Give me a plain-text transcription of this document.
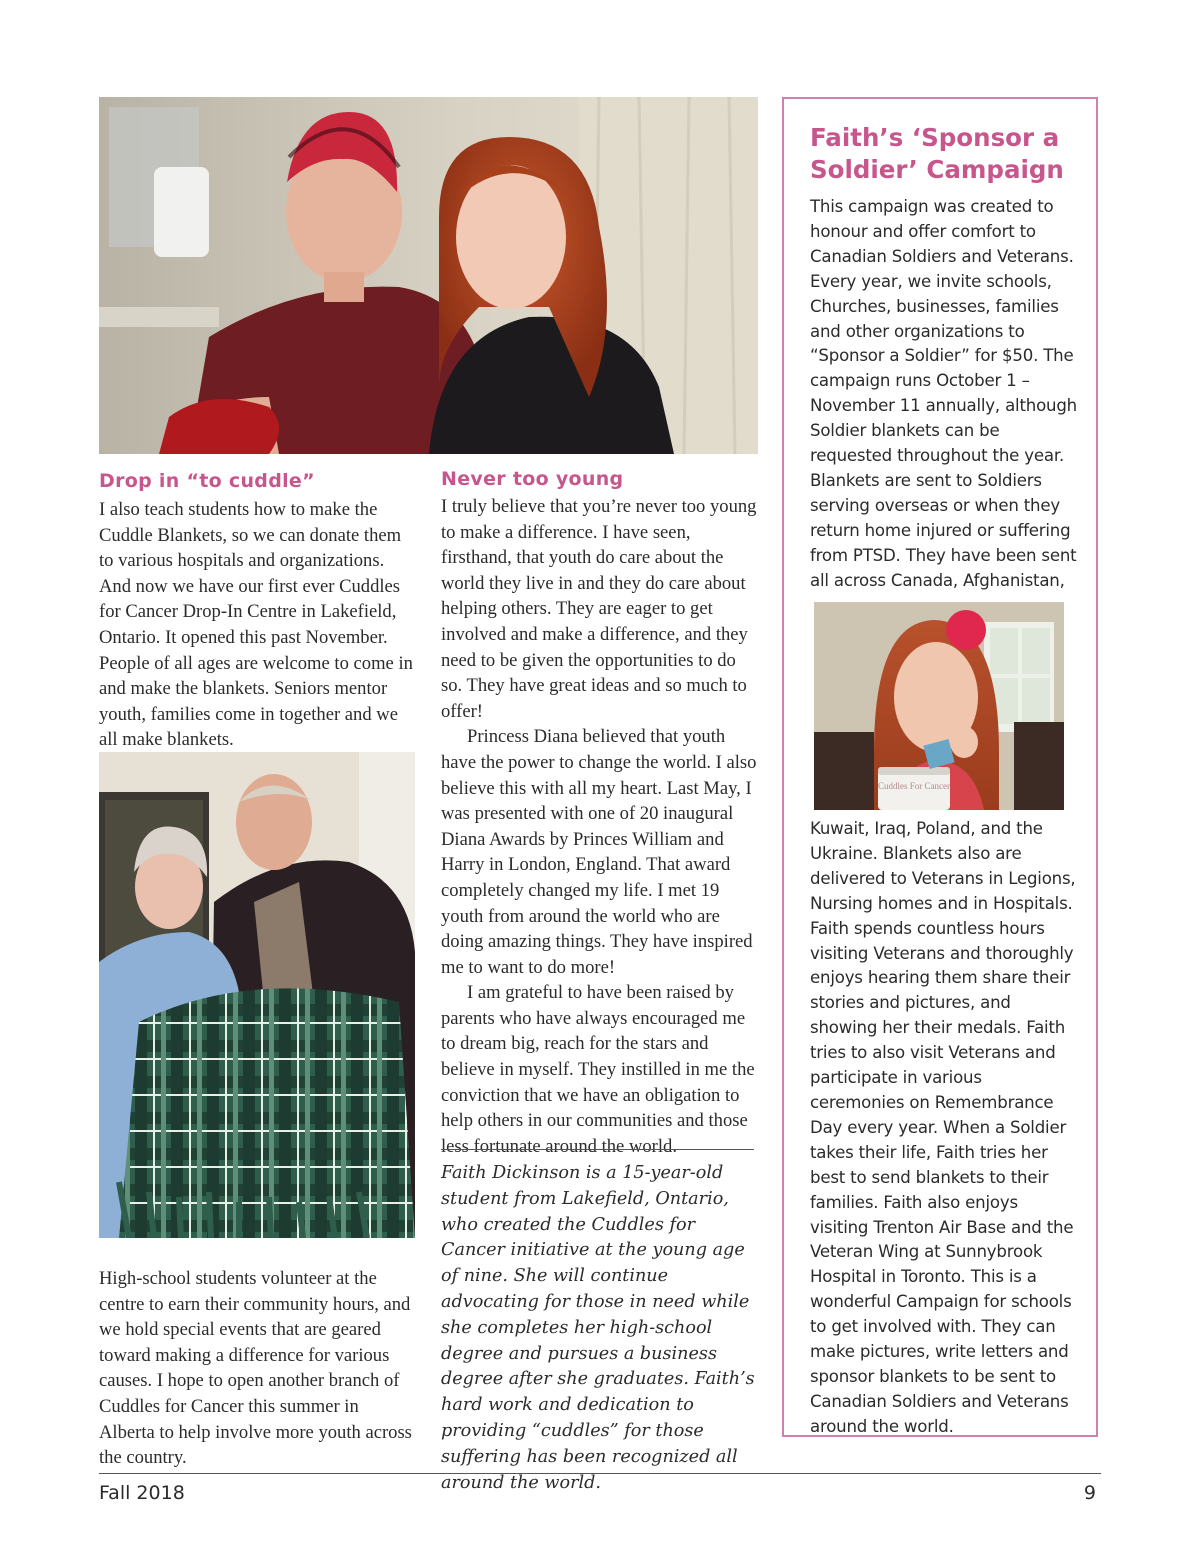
Drop in “to cuddle”

I also teach students how to make the Cuddle Blankets, so we can donate them to various hospitals and organizations. And now we have our first ever Cuddles for Cancer Drop-In Centre in Lakefield, Ontario. It opened this past November. People of all ages are welcome to come in and make the blankets. Seniors mentor youth, families come in together and we all make blankets.

High-school students volunteer at the centre to earn their community hours, and we hold special events that are geared toward making a difference for various causes. I hope to open another branch of Cuddles for Cancer this summer in Alberta to help involve more youth across the country.

Never too young

I truly believe that you’re never too young to make a difference. I have seen, firsthand, that youth do care about the world they live in and they do care about helping others. They are eager to get involved and make a difference, and they need to be given the opportunities to do so. They have great ideas and so much to offer!

Princess Diana believed that youth have the power to change the world. I also believe this with all my heart. Last May, I was presented with one of 20 inaugural Diana Awards by Princes William and Harry in London, England. That award completely changed my life. I met 19 youth from around the world who are doing amazing things. They have inspired me to want to do more!

I am grateful to have been raised by parents who have always encouraged me to dream big, reach for the stars and believe in myself. They instilled in me the conviction that we have an obligation to help others in our communities and those less fortunate around the world.

Faith Dickinson is a 15-year-old student from Lakefield, Ontario, who created the Cuddles for Cancer initiative at the young age of nine. She will continue advocating for those in need while she completes her high-school degree and pursues a business degree after she graduates. Faith’s hard work and dedication to providing “cuddles” for those suffering has been recognized all around the world.

Faith’s ‘Sponsor a Soldier’ Campaign

This campaign was created to honour and offer comfort to Canadian Soldiers and Veterans. Every year, we invite schools, Churches, businesses, families and other organizations to “Sponsor a Soldier” for $50. The campaign runs October 1 – November 11 annually, although Soldier blankets can be requested throughout the year. Blankets are sent to Soldiers serving overseas or when they return home injured or suffering from PTSD. They have been sent all across Canada, Afghanistan,

Cuddles For Cancer

Kuwait, Iraq, Poland, and the Ukraine. Blankets also are delivered to Veterans in Legions, Nursing homes and in Hospitals. Faith spends countless hours visiting Veterans and thoroughly enjoys hearing them share their stories and pictures, and showing her their medals. Faith tries to also visit Veterans and participate in various ceremonies on Remembrance Day every year. When a Soldier takes their life, Faith tries her best to send blankets to their families. Faith also enjoys visiting Trenton Air Base and the Veteran Wing at Sunnybrook Hospital in Toronto. This is a wonderful Campaign for schools to get involved with. They can make pictures, write letters and sponsor blankets to be sent to Canadian Soldiers and Veterans around the world.

Fall 2018	9
